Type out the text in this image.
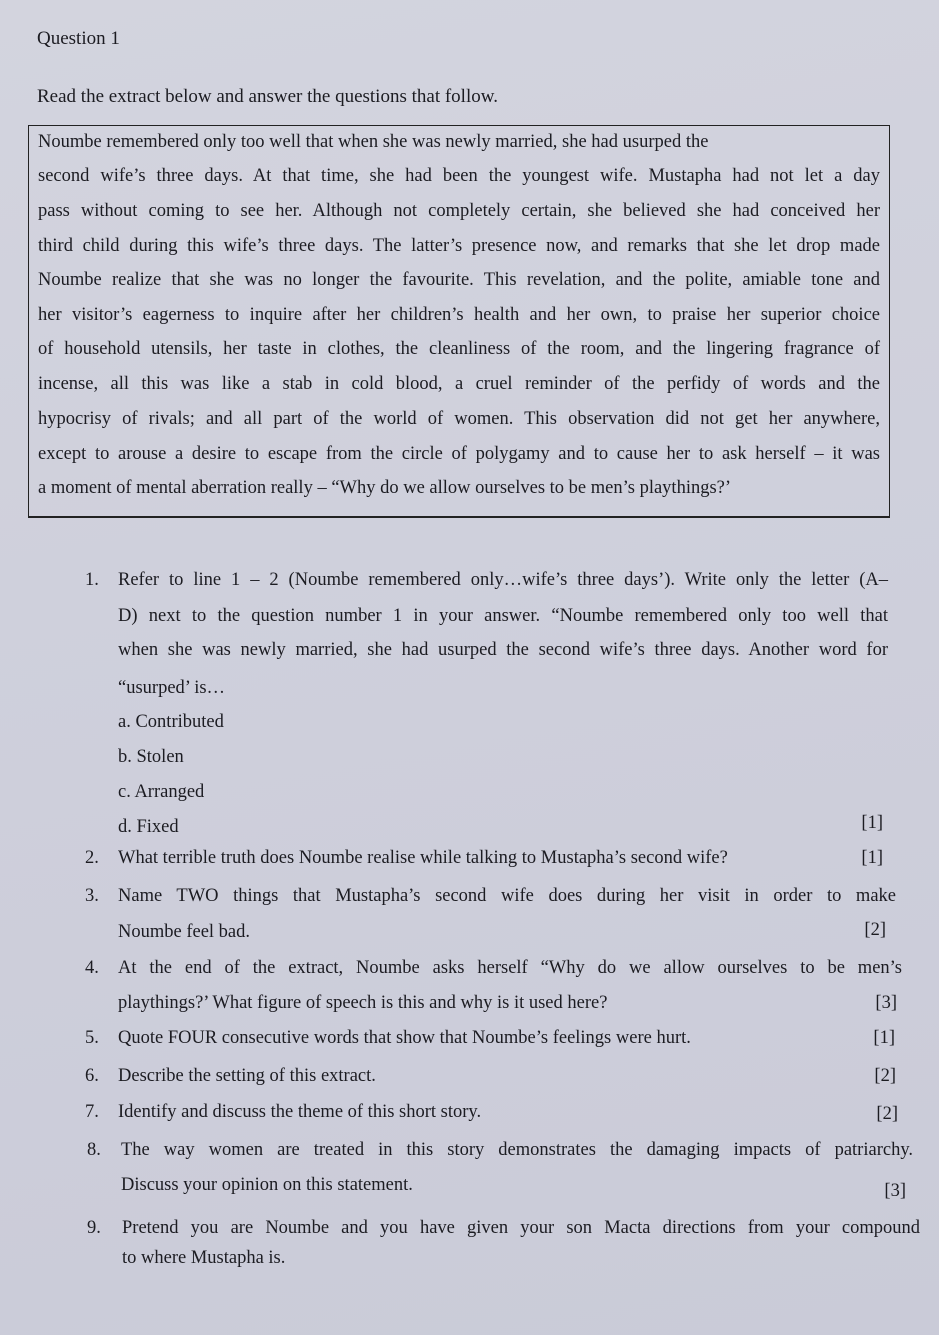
Question 1
Read the extract below and answer the questions that follow.
Noumbe remembered only too well that when she was newly married, she had usurped the
second wife’s three days. At that time, she had been the youngest wife. Mustapha had not let a day
pass without coming to see her. Although not completely certain, she believed she had conceived her
third child during this wife’s three days. The latter’s presence now, and remarks that she let drop made
Noumbe realize that she was no longer the favourite. This revelation, and the polite, amiable tone and
her visitor’s eagerness to inquire after her children’s health and her own, to praise her superior choice
of household utensils, her taste in clothes, the cleanliness of the room, and the lingering fragrance of
incense, all this was like a stab in cold blood, a cruel reminder of the perfidy of words and the
hypocrisy of rivals; and all part of the world of women. This observation did not get her anywhere,
except to arouse a desire to escape from the circle of polygamy and to cause her to ask herself – it was
a moment of mental aberration really – “Why do we allow ourselves to be men’s playthings?’
1. Refer to line 1 – 2 (Noumbe remembered only…wife’s three days’). Write only the letter (A–
D) next to the question number 1 in your answer. “Noumbe remembered only too well that
when she was newly married, she had usurped the second wife’s three days. Another word for
“usurped’ is…
a. Contributed
b. Stolen
c. Arranged
d. Fixed	[1]
2. What terrible truth does Noumbe realise while talking to Mustapha’s second wife?	[1]
3. Name TWO things that Mustapha’s second wife does during her visit in order to make
Noumbe feel bad.	[2]
4. At the end of the extract, Noumbe asks herself “Why do we allow ourselves to be men’s
playthings?’ What figure of speech is this and why is it used here?	[3]
5. Quote FOUR consecutive words that show that Noumbe’s feelings were hurt.	[1]
6. Describe the setting of this extract.	[2]
7. Identify and discuss the theme of this short story.	[2]
8. The way women are treated in this story demonstrates the damaging impacts of patriarchy.
Discuss your opinion on this statement.	[3]
9. Pretend you are Noumbe and you have given your son Macta directions from your compound
to where Mustapha is.
